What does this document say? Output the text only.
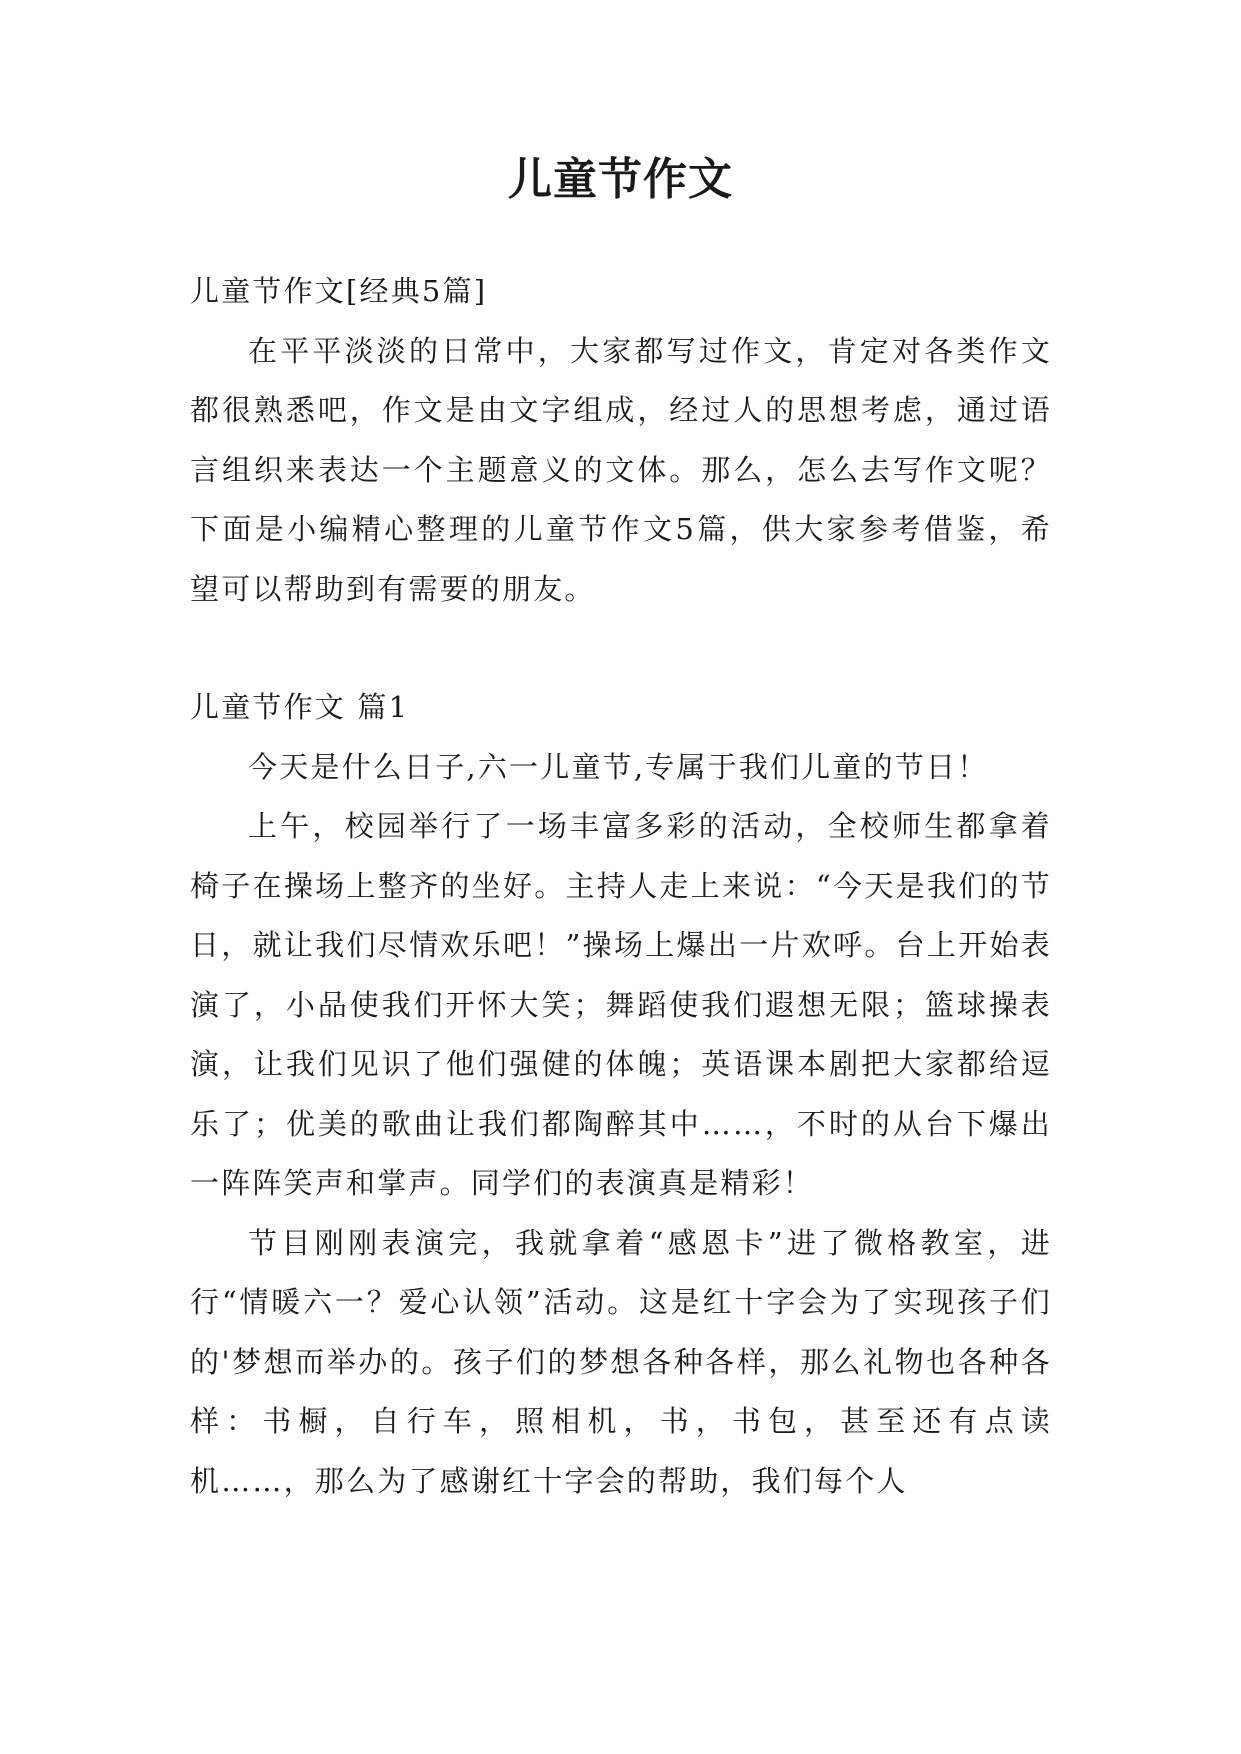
儿童节作文

儿童节作文[经典5篇]

在平平淡淡的日常中，大家都写过作文，肯定对各类作文都很熟悉吧，作文是由文字组成，经过人的思想考虑，通过语言组织来表达一个主题意义的文体。那么，怎么去写作文呢？下面是小编精心整理的儿童节作文5篇，供大家参考借鉴，希望可以帮助到有需要的朋友。

儿童节作文 篇1

今天是什么日子,六一儿童节,专属于我们儿童的节日！

上午，校园举行了一场丰富多彩的活动，全校师生都拿着椅子在操场上整齐的坐好。主持人走上来说：“今天是我们的节日，就让我们尽情欢乐吧！”操场上爆出一片欢呼。台上开始表演了，小品使我们开怀大笑；舞蹈使我们遐想无限；篮球操表演，让我们见识了他们强健的体魄；英语课本剧把大家都给逗乐了；优美的歌曲让我们都陶醉其中……，不时的从台下爆出一阵阵笑声和掌声。同学们的表演真是精彩！

节目刚刚表演完，我就拿着“感恩卡”进了微格教室，进行“情暖六一？爱心认领”活动。这是红十字会为了实现孩子们的'梦想而举办的。孩子们的梦想各种各样，那么礼物也各种各样：书橱，自行车，照相机，书，书包，甚至还有点读机……，那么为了感谢红十字会的帮助，我们每个人
